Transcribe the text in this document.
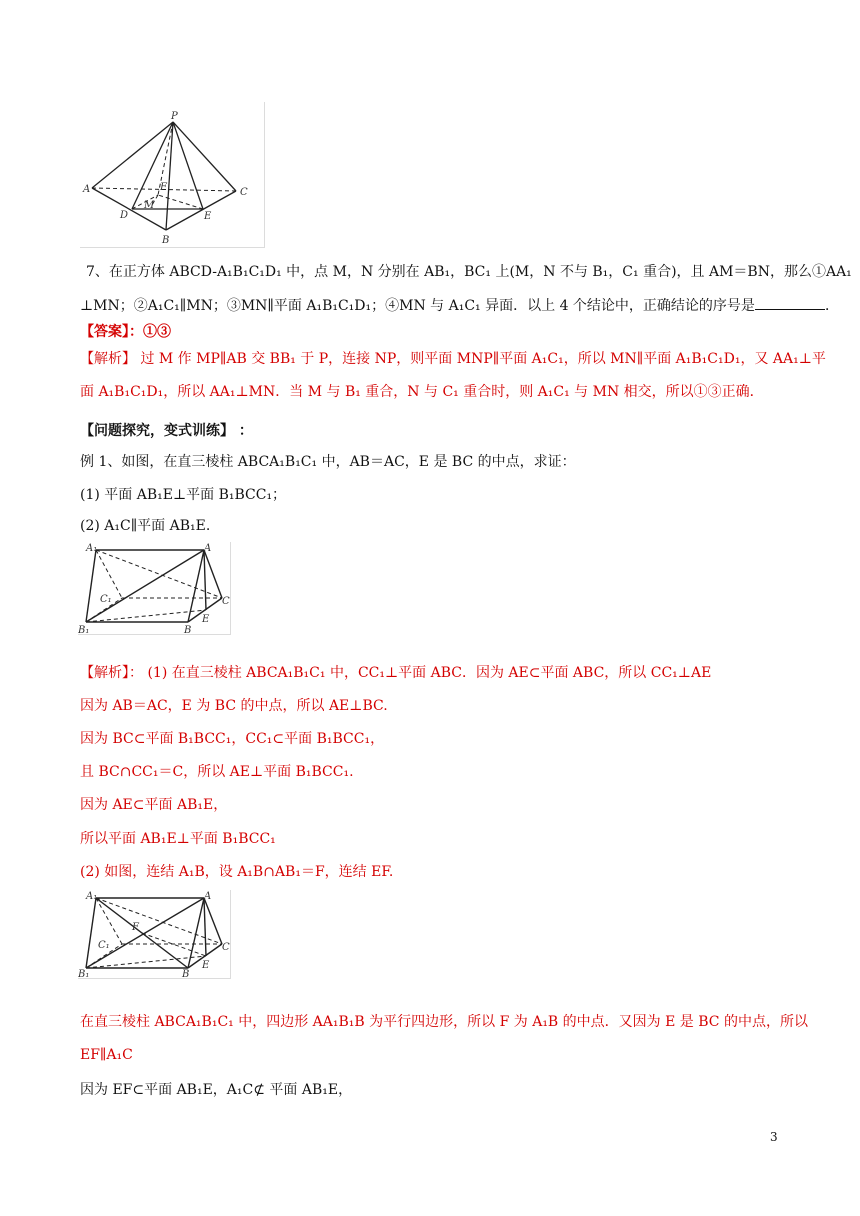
P
A	C
D	E
B
F
M
7、在正方体 ABCD-A₁B₁C₁D₁ 中，点 M，N 分别在 AB₁，BC₁ 上(M，N 不与 B₁，C₁ 重合)，且 AM＝BN，那么①AA₁
⊥MN；②A₁C₁∥MN；③MN∥平面 A₁B₁C₁D₁；④MN 与 A₁C₁ 异面．以上 4 个结论中，正确结论的序号是	．
【答案】：①③
【解析】 过 M 作 MP∥AB 交 BB₁ 于 P，连接 NP，则平面 MNP∥平面 A₁C₁，所以 MN∥平面 A₁B₁C₁D₁，又 AA₁⊥平
面 A₁B₁C₁D₁，所以 AA₁⊥MN．当 M 与 B₁ 重合，N 与 C₁ 重合时，则 A₁C₁ 与 MN 相交，所以①③正确．
【问题探究，变式训练】 ：
例 1、如图，在直三棱柱 ABCA₁B₁C₁ 中，AB＝AC，E 是 BC 的中点，求证：
(1) 平面 AB₁E⊥平面 B₁BCC₁；
(2) A₁C∥平面 AB₁E.
A₁	A
C₁	C
E
B₁	B
【解析】： (1) 在直三棱柱 ABCA₁B₁C₁ 中，CC₁⊥平面 ABC．因为 AE⊂平面 ABC，所以 CC₁⊥AE
因为 AB＝AC，E 为 BC 的中点，所以 AE⊥BC.
因为 BC⊂平面 B₁BCC₁，CC₁⊂平面 B₁BCC₁，
且 BC∩CC₁＝C，所以 AE⊥平面 B₁BCC₁.
因为 AE⊂平面 AB₁E，
所以平面 AB₁E⊥平面 B₁BCC₁
(2) 如图，连结 A₁B，设 A₁B∩AB₁＝F，连结 EF.
A₁	A
C₁
F
C
B₁	B
E
在直三棱柱 ABCA₁B₁C₁ 中，四边形 AA₁B₁B 为平行四边形，所以 F 为 A₁B 的中点．又因为 E 是 BC 的中点，所以
EF∥A₁C
因为 EF⊂平面 AB₁E，A₁C⊄ 平面 AB₁E，
3
